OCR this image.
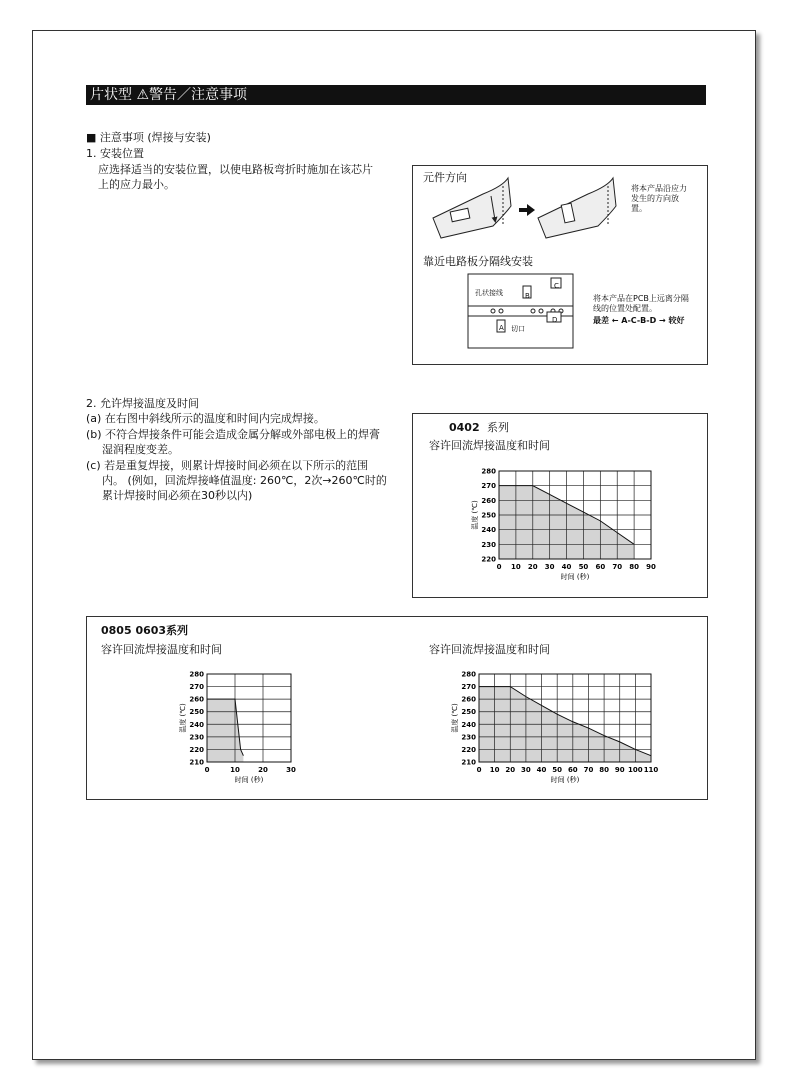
片状型 ⚠警告／注意事项
■ 注意事项 (焊接与安装)
1. 安装位置
应选择适当的安装位置，以使电路板弯折时施加在该芯片
上的应力最小。
元件方向
将本产品沿应力
发生的方向放
置。
靠近电路板分隔线安装
孔状接线
切口
A
B
C
D
将本产品在PCB上远离分隔
线的位置处配置。
最差 ← A-C-B-D → 较好
2. 允许焊接温度及时间
(a) 在右图中斜线所示的温度和时间内完成焊接。
(b) 不符合焊接条件可能会造成金属分解或外部电极上的焊膏
湿润程度变差。
(c) 若是重复焊接，则累计焊接时间必须在以下所示的范围
内。 (例如，回流焊接峰值温度: 260℃，2次→260℃时的
累计焊接时间必须在30秒以内)
0402 系列
容许回流焊接温度和时间
0 10 20 30 40 50 60 70 80 90
220
230
240
250
260
270
280
时间 (秒)
温度 (℃)
0805 0603系列
容许回流焊接温度和时间	容许回流焊接温度和时间
0	10	20	30
210
220
230
240
250
260
270
280
时间 (秒)
温度 (℃)
0 10 20 30 40 50 60 70 80 90 100 110
210
220
230
240
250
260
270
280
时间 (秒)
温度 (℃)
